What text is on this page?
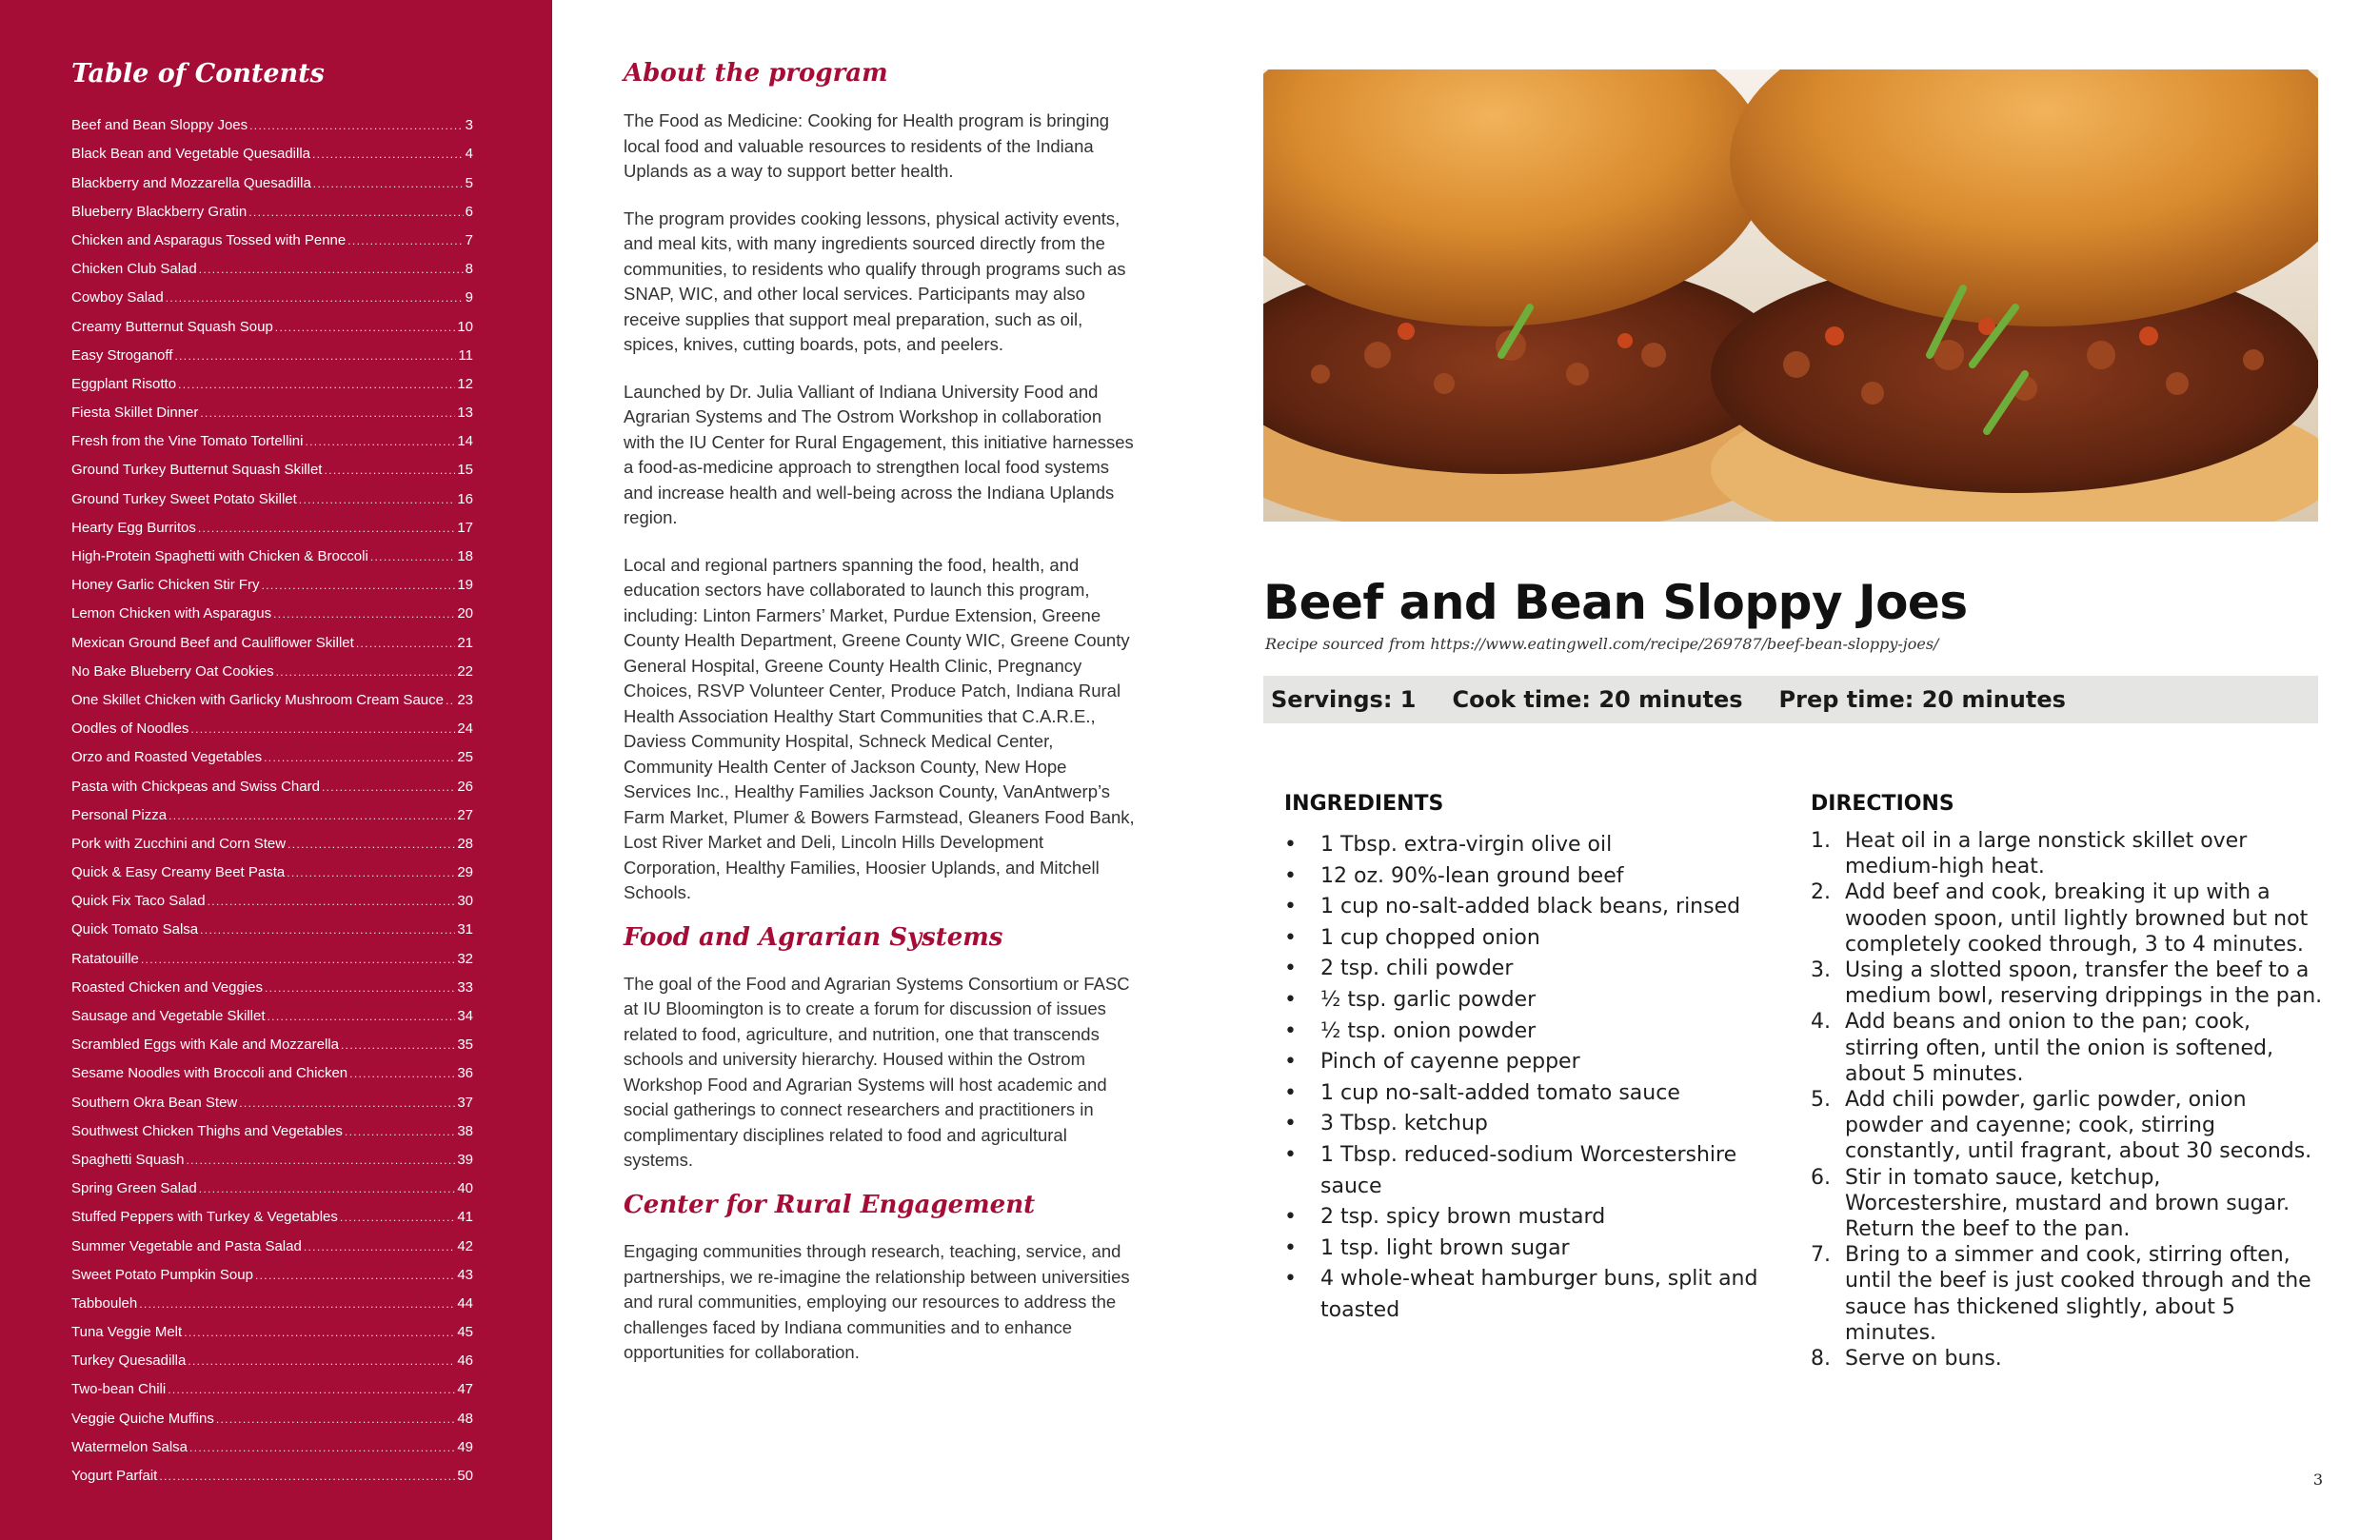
Table of Contents
Beef and Bean Sloppy Joes . . .	3
Black Bean and Vegetable Quesadilla . . .	4
Blackberry and Mozzarella Quesadilla . . .	5
Blueberry Blackberry Gratin . . .	6
Chicken and Asparagus Tossed with Penne . . .	7
Chicken Club Salad . . .	8
Cowboy Salad . . .	9
Creamy Butternut Squash Soup . . .	10
Easy Stroganoff . . .	11
Eggplant Risotto . . .	12
Fiesta Skillet Dinner . . .	13
Fresh from the Vine Tomato Tortellini . . .	14
Ground Turkey Butternut Squash Skillet . . .	15
Ground Turkey Sweet Potato Skillet . . .	16
Hearty Egg Burritos . . .	17
High-Protein Spaghetti with Chicken & Broccoli . . .	18
Honey Garlic Chicken Stir Fry . . .	19
Lemon Chicken with Asparagus . . .	20
Mexican Ground Beef and Cauliflower Skillet . . .	21
No Bake Blueberry Oat Cookies . . .	22
One Skillet Chicken with Garlicky Mushroom Cream Sauce . . . 23
Oodles of Noodles . . .	24
Orzo and Roasted Vegetables . . .	25
Pasta with Chickpeas and Swiss Chard . . .	26
Personal Pizza . . .	27
Pork with Zucchini and Corn Stew . . .	28
Quick & Easy Creamy Beet Pasta . . .	29
Quick Fix Taco Salad . . .	30
Quick Tomato Salsa . . .	31
Ratatouille . . .	32
Roasted Chicken and Veggies . . .	33
Sausage and Vegetable Skillet . . .	34
Scrambled Eggs with Kale and Mozzarella . . .	35
Sesame Noodles with Broccoli and Chicken . . .	36
Southern Okra Bean Stew . . .	37
Southwest Chicken Thighs and Vegetables . . .	38
Spaghetti Squash . . .	39
Spring Green Salad . . .	40
Stuffed Peppers with Turkey & Vegetables . . .	41
Summer Vegetable and Pasta Salad . . .	42
Sweet Potato Pumpkin Soup . . .	43
Tabbouleh . . .	44
Tuna Veggie Melt . . .	45
Turkey Quesadilla . . .	46
Two-bean Chili . . .	47
Veggie Quiche Muffins . . .	48
Watermelon Salsa . . .	49
Yogurt Parfait . . .	50
About the program

The Food as Medicine: Cooking for Health program is bringing local food and valuable resources to residents of the Indiana Uplands as a way to support better health.

The program provides cooking lessons, physical activity events, and meal kits, with many ingredients sourced directly from the communities, to residents who qualify through programs such as SNAP, WIC, and other local services. Participants may also receive supplies that support meal preparation, such as oil, spices, knives, cutting boards, pots, and peelers.

Launched by Dr. Julia Valliant of Indiana University Food and Agrarian Systems and The Ostrom Workshop in collaboration with the IU Center for Rural Engagement, this initiative harnesses a food-as-medicine approach to strengthen local food systems and increase health and well-being across the Indiana Uplands region.

Local and regional partners spanning the food, health, and education sectors have collaborated to launch this program, including: Linton Farmers’ Market, Purdue Extension, Greene County Health Department, Greene County WIC, Greene County General Hospital, Greene County Health Clinic, Pregnancy Choices, RSVP Volunteer Center, Produce Patch, Indiana Rural Health Association Healthy Start Communities that C.A.R.E., Daviess Community Hospital, Schneck Medical Center, Community Health Center of Jackson County, New Hope Services Inc., Healthy Families Jackson County, VanAntwerp’s Farm Market, Plumer & Bowers Farmstead, Gleaners Food Bank, Lost River Market and Deli, Lincoln Hills Development Corporation, Healthy Families, Hoosier Uplands, and Mitchell Schools.

Food and Agrarian Systems

The goal of the Food and Agrarian Systems Consortium or FASC at IU Bloomington is to create a forum for discussion of issues related to food, agriculture, and nutrition, one that transcends schools and university hierarchy. Housed within the Ostrom Workshop Food and Agrarian Systems will host academic and social gatherings to connect researchers and practitioners in complimentary disciplines related to food and agricultural systems.

Center for Rural Engagement

Engaging communities through research, teaching, service, and partnerships, we re-imagine the relationship between universities and rural communities, employing our resources to address the challenges faced by Indiana communities and to enhance opportunities for collaboration.

Beef and Bean Sloppy Joes

Recipe sourced from https://www.eatingwell.com/recipe/269787/beef-bean-sloppy-joes/

Servings: 1 Cook time: 20 minutes Prep time: 20 minutes
INGREDIENTS
• 1 Tbsp. extra-virgin olive oil
• 12 oz. 90%-lean ground beef
• 1 cup no-salt-added black beans, rinsed
• 1 cup chopped onion
• 2 tsp. chili powder
• ½ tsp. garlic powder
• ½ tsp. onion powder
• Pinch of cayenne pepper
• 1 cup no-salt-added tomato sauce
• 3 Tbsp. ketchup
• 1 Tbsp. reduced-sodium Worcestershire sauce
• 2 tsp. spicy brown mustard
• 1 tsp. light brown sugar
• 4 whole-wheat hamburger buns, split and toasted
DIRECTIONS
1. Heat oil in a large nonstick skillet over medium-high heat.
2. Add beef and cook, breaking it up with a wooden spoon, until lightly browned but not completely cooked through, 3 to 4 minutes.
3. Using a slotted spoon, transfer the beef to a medium bowl, reserving drippings in the pan.
4. Add beans and onion to the pan; cook, stirring often, until the onion is softened, about 5 minutes.
5. Add chili powder, garlic powder, onion powder and cayenne; cook, stirring constantly, until fragrant, about 30 seconds.
6. Stir in tomato sauce, ketchup, Worcestershire, mustard and brown sugar. Return the beef to the pan.
7. Bring to a simmer and cook, stirring often, until the beef is just cooked through and the sauce has thickened slightly, about 5 minutes.
8. Serve on buns.
3
